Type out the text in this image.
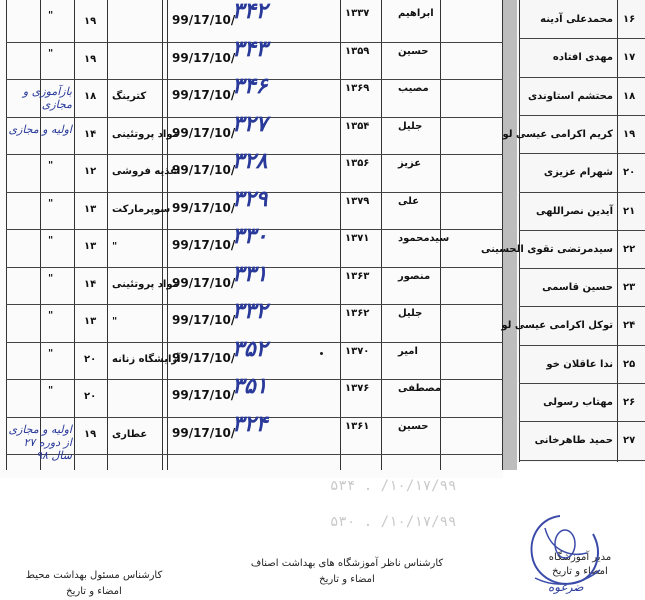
ابراهیم
۱۳۳۷
99/17/10/
۳۴۲
۱۹
"
حسین
۱۳۵۹
99/17/10/
۳۴۳
۱۹
"
مصیب
۱۳۶۹
99/17/10/
۳۴۶
کترینگ
۱۸
بازآموزی و مجازی
جلیل
۱۳۵۴
99/17/10/
۳۲۷
مواد پروتئینی
۱۴
اولیه و مجازی
عزیز
۱۳۵۶
99/17/10/
۳۲۸
اغذیه فروشی
۱۲
"
علی
۱۳۷۹
99/17/10/
۳۲۹
سوپرمارکت
۱۳
"
سیدمحمود
۱۳۷۱
99/17/10/
۳۳۰
"
۱۳
"
منصور
۱۳۶۳
99/17/10/
۳۳۱
مواد پروتئینی
۱۴
"
جلیل
۱۳۶۲
99/17/10/
۳۳۲
"
۱۳
"
امیر
۱۳۷۰
99/17/10/
۳۵۲
آرایشگاه زنانه
۲۰
"
مصطفی
۱۳۷۶
99/17/10/
۳۵۱
۲۰
"
حسین
۱۳۶۱
99/17/10/
۳۲۴
عطاری
۱۹
اولیه و مجازی از دوره ۲۷ سال ۹۸
محمدعلی آدینه ۱۶
مهدی افتاده ۱۷
محتشم استاوندی ۱۸
کریم اکرامی عیسی لو ۱۹
شهرام عزیزی ۲۰
آیدین نصراللهی ۲۱
سیدمرتضی تقوی الحسینی ۲۲
حسین قاسمی ۲۳
توکل اکرامی عیسی لو ۲۴
ندا عاقلان خو ۲۵
مهتاب رسولی ۲۶
حمید طاهرخانی ۲۷
۵۳۴ . /۱۰/۱۷/۹۹
۵۳۰ . /۱۰/۱۷/۹۹
مدیر آموزشگاه
امضاء و تاریخ
کارشناس ناظر آموزشگاه های بهداشت اصناف
امضاء و تاریخ
کارشناس مسئول بهداشت محیط
امضاء و تاریخ	ضرغوه
